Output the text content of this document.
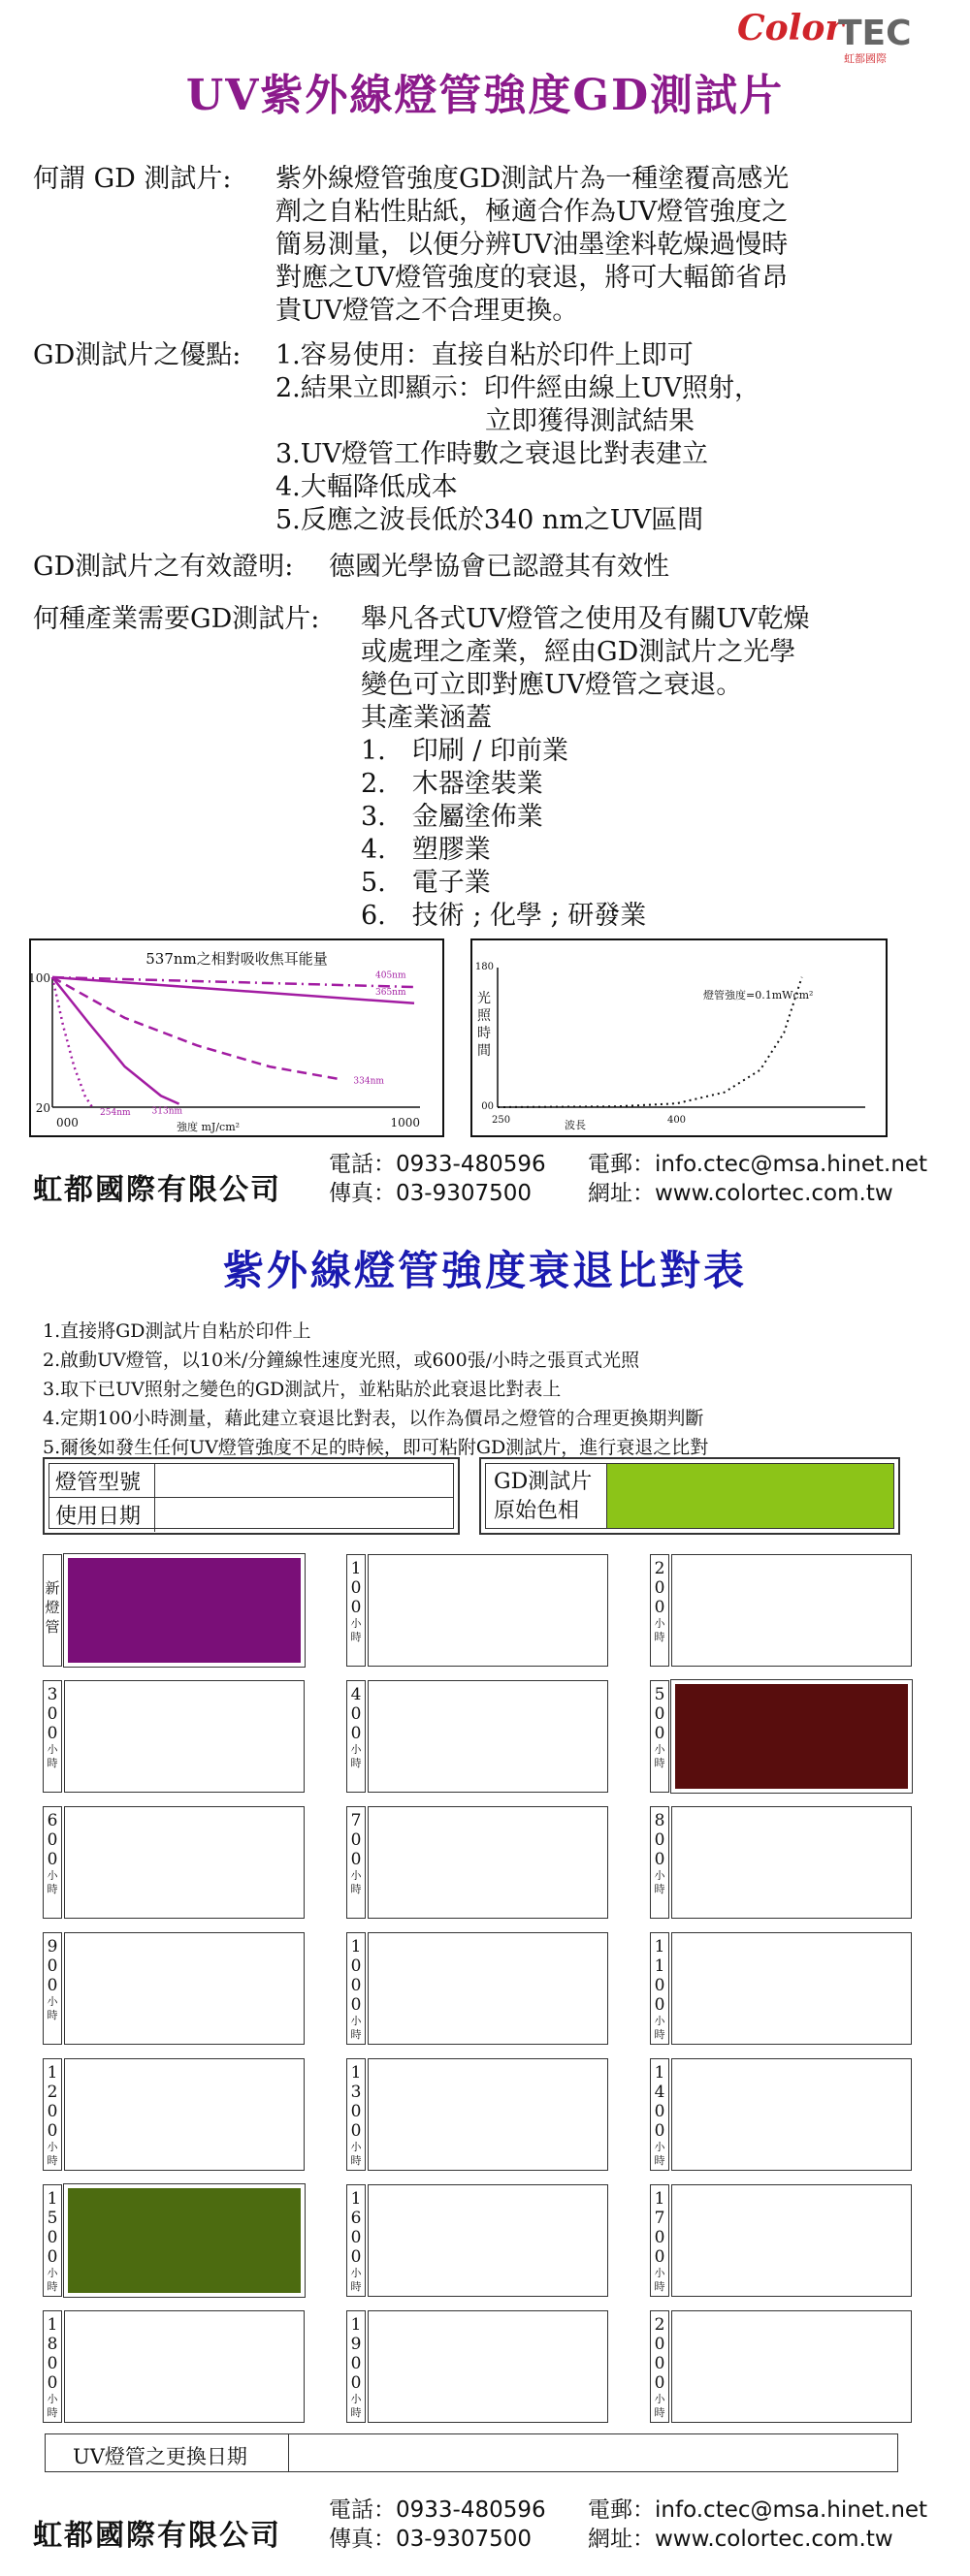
Color
TEC
虹都國際
UV紫外線燈管強度GD測試片
何謂 GD 測試片: 紫外線燈管強度GD測試片為一種塗覆高感光
劑之自粘性貼紙，極適合作為UV燈管強度之
簡易測量，以便分辨UV油墨塗料乾燥過慢時
對應之UV燈管強度的衰退，將可大輻節省昂
貴UV燈管之不合理更換。
GD測試片之優點: 1.容易使用：直接自粘於印件上即可
2.結果立即顯示：印件經由線上UV照射，
　　　　　　　　立即獲得測試結果
3.UV燈管工作時數之衰退比對表建立
4.大輻降低成本
5.反應之波長低於340 nm之UV區間
GD測試片之有效證明: 德國光學協會已認證其有效性
何種產業需要GD測試片: 舉凡各式UV燈管之使用及有關UV乾燥
或處理之產業，經由GD測試片之光學
變色可立即對應UV燈管之衰退。
其產業涵蓋
1.　印刷 / 印前業
2.　木器塗裝業
3.　金屬塗佈業
4.　塑膠業
5.　電子業
6.　技術 ; 化學 ; 研發業
537nm之相對吸收焦耳能量
100
20
000	1000
強度 mJ/cm²
405nm
365nm
334nm
313nm
254nm
180
00
250	400
波長
光
照
時
間
燈管強度=0.1mWcm²
虹都國際有限公司
電話：0933-480596
傳真：03-9307500
電郵：info.ctec@msa.hinet.net
網址：www.colortec.com.tw
紫外線燈管強度衰退比對表
1.直接將GD測試片自粘於印件上
2.啟動UV燈管，以10米/分鐘線性速度光照，或600張/小時之張頁式光照
3.取下已UV照射之變色的GD測試片，並粘貼於此衰退比對表上
4.定期100小時測量，藉此建立衰退比對表，以作為價昂之燈管的合理更換期判斷
5.爾後如發生任何UV燈管強度不足的時候，即可粘附GD測試片，進行衰退之比對
燈管型號
使用日期
GD測試片
原始色相
新
燈
管
1
0
0
小
時
2
0
0
小
時
3
0
0
小
時
4
0
0
小
時
5
0
0
小
時
6
0
0
小
時
7
0
0
小
時
8
0
0
小
時
9
0
0
小
時
1
0
0
0
小
時
1
1
0
0
小
時
1
2
0
0
小
時
1
3
0
0
小
時
1
4
0
0
小
時
1
5
0
0
小
時
1
6
0
0
小
時
1
7
0
0
小
時
1
8
0
0
小
時
1
9
0
0
小
時
2
0
0
0
小
時
UV燈管之更換日期
虹都國際有限公司
電話：0933-480596
傳真：03-9307500
電郵：info.ctec@msa.hinet.net
網址：www.colortec.com.tw
